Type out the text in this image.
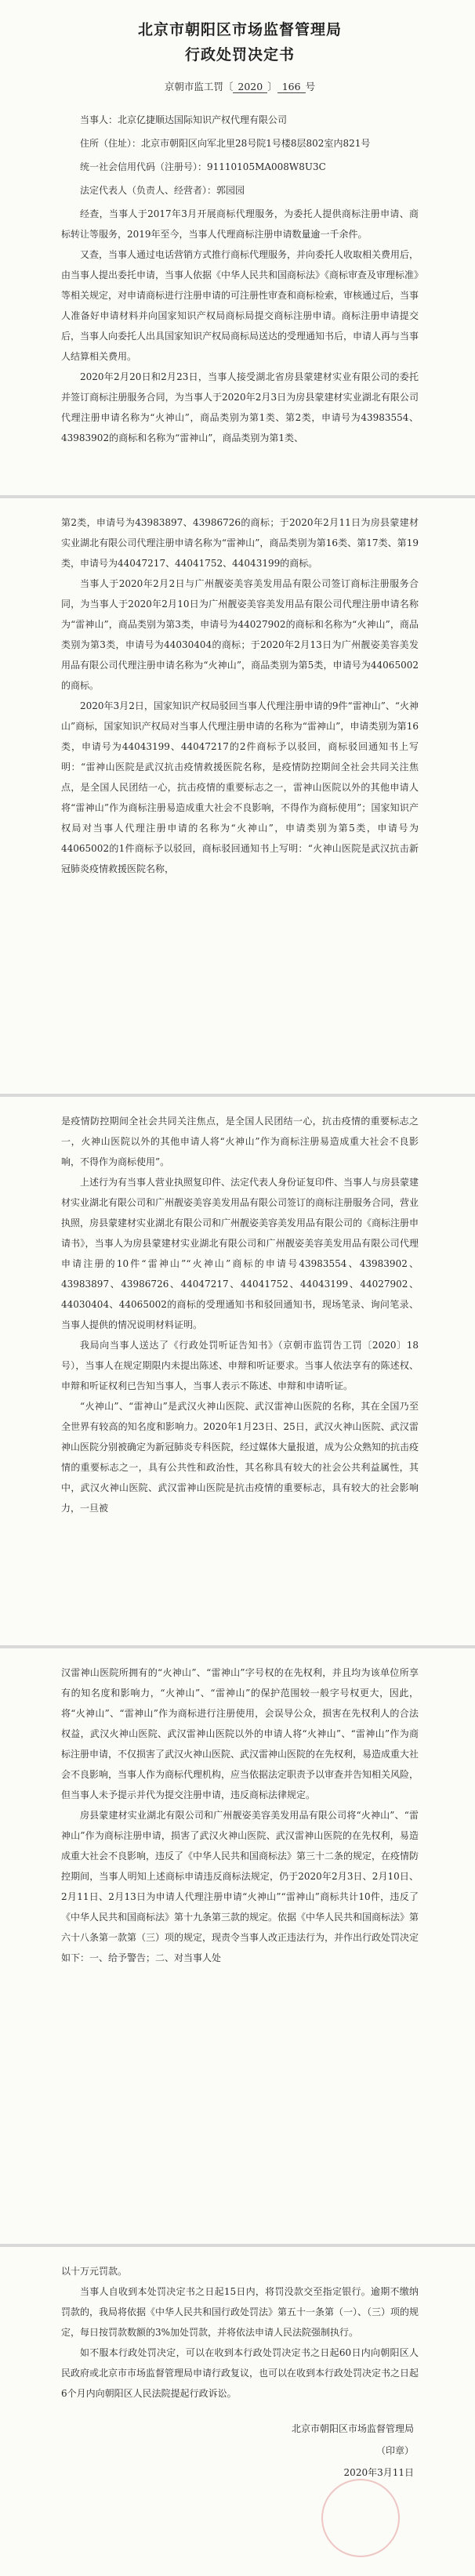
北京市朝阳区市场监督管理局
行政处罚决定书
京朝市监工罚〔 2020 〕 166 号

当事人：北京亿捷顺达国际知识产权代理有限公司

住所（住址）：北京市朝阳区向军北里28号院1号楼8层802室内821号

统一社会信用代码（注册号）：91110105MA008W8U3C

法定代表人（负责人、经营者）：郭园园

经查，当事人于2017年3月开展商标代理服务，为委托人提供商标注册申请、商标转让等服务，2019年至今，当事人代理商标注册申请数量逾一千余件。

又查，当事人通过电话营销方式推行商标代理服务，并向委托人收取相关费用后，由当事人提出委托申请，当事人依据《中华人民共和国商标法》《商标审查及审理标准》等相关规定，对申请商标进行注册申请的可注册性审查和商标检索，审核通过后，当事人准备好申请材料并向国家知识产权局商标局提交商标注册申请。商标注册申请提交后，当事人向委托人出具国家知识产权局商标局送达的受理通知书后，申请人再与当事人结算相关费用。

2020年2月20日和2月23日，当事人接受湖北省房县蒙建材实业有限公司的委托并签订商标注册服务合同，为当事人于2020年2月3日为房县蒙建材实业湖北有限公司代理注册申请名称为“火神山”，商品类别为第1类、第2类，申请号为43983554、43983902的商标和名称为“雷神山”，商品类别为第1类、

第2类，申请号为43983897、43986726的商标；于2020年2月11日为房县蒙建材实业湖北有限公司代理注册申请名称为“雷神山”，商品类别为第16类、第17类、第19类，申请号为44047217、44041752、44043199的商标。

当事人于2020年2月2日与广州靓姿美容美发用品有限公司签订商标注册服务合同，为当事人于2020年2月10日为广州靓姿美容美发用品有限公司代理注册申请名称为“雷神山”，商品类别为第3类，申请号为44027902的商标和名称为“火神山”，商品类别为第3类，申请号为44030404的商标；于2020年2月13日为广州靓姿美容美发用品有限公司代理注册申请名称为“火神山”，商品类别为第5类，申请号为44065002的商标。

2020年3月2日，国家知识产权局驳回当事人代理注册申请的9件“雷神山”、“火神山”商标，国家知识产权局对当事人代理注册申请的名称为“雷神山”，申请类别为第16类，申请号为44043199、44047217的2件商标予以驳回，商标驳回通知书上写明：“雷神山医院是武汉抗击疫情救援医院名称，是疫情防控期间全社会共同关注焦点，是全国人民团结一心，抗击疫情的重要标志之一，雷神山医院以外的其他申请人将“雷神山”作为商标注册易造成重大社会不良影响，不得作为商标使用”；国家知识产权局对当事人代理注册申请的名称为“火神山”，申请类别为第5类，申请号为44065002的1件商标予以驳回，商标驳回通知书上写明：“火神山医院是武汉抗击新冠肺炎疫情救援医院名称，

是疫情防控期间全社会共同关注焦点，是全国人民团结一心，抗击疫情的重要标志之一，火神山医院以外的其他申请人将“火神山”作为商标注册易造成重大社会不良影响，不得作为商标使用”。

上述行为有当事人营业执照复印件、法定代表人身份证复印件、当事人与房县蒙建材实业湖北有限公司和广州靓姿美容美发用品有限公司签订的商标注册服务合同，营业执照，房县蒙建材实业湖北有限公司和广州靓姿美容美发用品有限公司的《商标注册申请书》，当事人为房县蒙建材实业湖北有限公司和广州靓姿美容美发用品有限公司代理申请注册的10件“雷神山”“火神山”商标的申请号43983554、43983902、43983897、43986726、44047217、44041752、44043199、44027902、44030404、44065002的商标的受理通知书和驳回通知书，现场笔录、询问笔录、当事人提供的情况说明材料证明。

我局向当事人送达了《行政处罚听证告知书》（京朝市监罚告工罚〔2020〕18号），当事人在规定期限内未提出陈述、申辩和听证要求。当事人依法享有的陈述权、申辩和听证权利已告知当事人，当事人表示不陈述、申辩和申请听证。

“火神山”、“雷神山”是武汉火神山医院、武汉雷神山医院的名称，其在全国乃至全世界有较高的知名度和影响力。2020年1月23日、25日，武汉火神山医院、武汉雷神山医院分别被确定为新冠肺炎专科医院，经过媒体大量报道，成为公众熟知的抗击疫情的重要标志之一，具有公共性和政治性，其名称具有较大的社会公共利益属性，其中，武汉火神山医院、武汉雷神山医院是抗击疫情的重要标志，具有较大的社会影响力，一旦被

汉雷神山医院所拥有的“火神山”、“雷神山”字号权的在先权利，并且均为该单位所享有的知名度和影响力，“火神山”、“雷神山”的保护范围较一般字号权更大，因此，将“火神山”、“雷神山”作为商标进行注册使用，会误导公众，损害在先权利人的合法权益，武汉火神山医院、武汉雷神山医院以外的申请人将“火神山”、“雷神山”作为商标注册申请，不仅损害了武汉火神山医院、武汉雷神山医院的在先权利，易造成重大社会不良影响，当事人作为商标代理机构，应当依据法定职责予以审查并告知相关风险，但当事人未予提示并代为提交注册申请，违反商标法律规定。

房县蒙建材实业湖北有限公司和广州靓姿美容美发用品有限公司将“火神山”、“雷神山”作为商标注册申请，损害了武汉火神山医院、武汉雷神山医院的在先权利，易造成重大社会不良影响，违反了《中华人民共和国商标法》第三十二条的规定，在疫情防控期间，当事人明知上述商标申请违反商标法规定，仍于2020年2月3日、2月10日、2月11日、2月13日为申请人代理注册申请“火神山”“雷神山”商标共计10件，违反了《中华人民共和国商标法》第十九条第三款的规定。依据《中华人民共和国商标法》第六十八条第一款第（三）项的规定，现责令当事人改正违法行为，并作出行政处罚决定如下：一、给予警告；二、对当事人处

以十万元罚款。

当事人自收到本处罚决定书之日起15日内，将罚没款交至指定银行。逾期不缴纳罚款的，我局将依据《中华人民共和国行政处罚法》第五十一条第（一）、（三）项的规定，每日按罚款数额的3%加处罚款，并将依法申请人民法院强制执行。

如不服本行政处罚决定，可以在收到本行政处罚决定书之日起60日内向朝阳区人民政府或北京市市场监督管理局申请行政复议，也可以在收到本行政处罚决定书之日起6个月内向朝阳区人民法院提起行政诉讼。

北京市朝阳区市场监督管理局
（印章）
2020年3月11日
